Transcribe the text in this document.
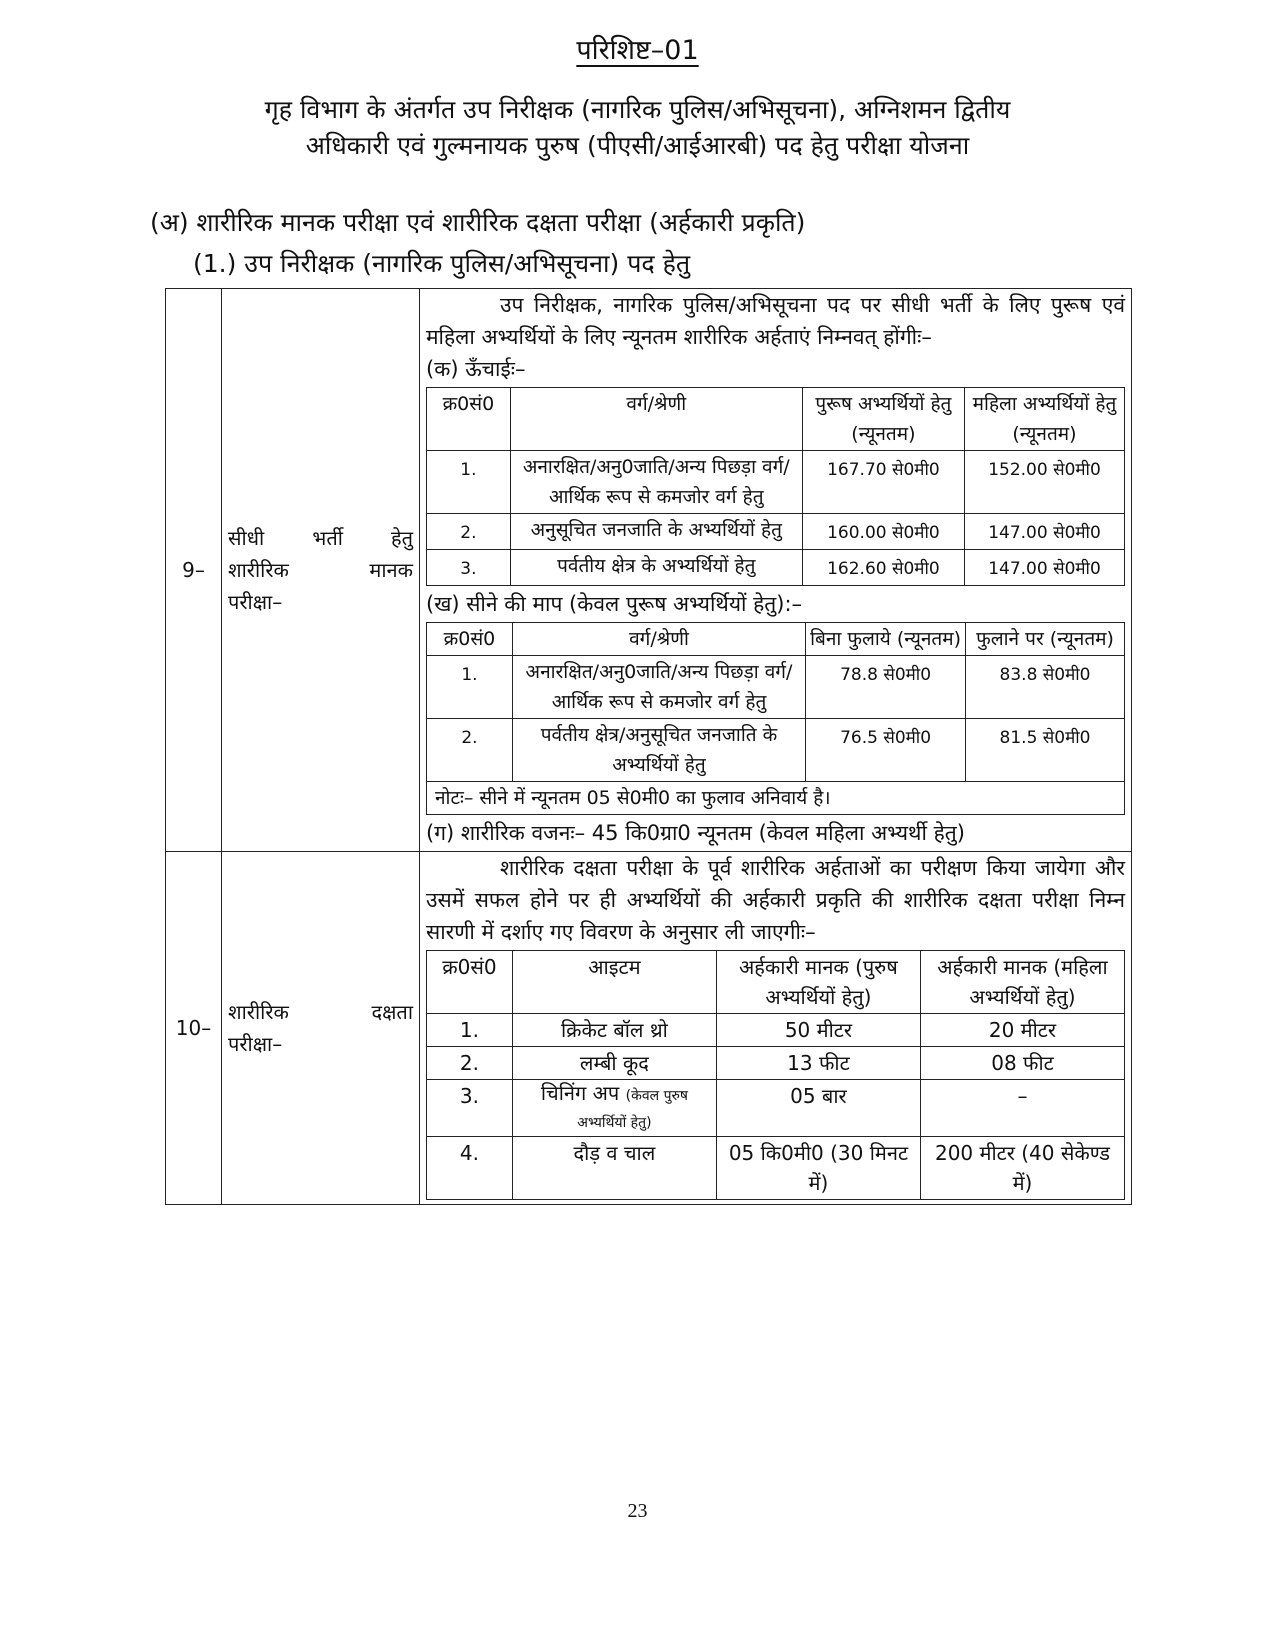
परिशिष्ट–01
गृह विभाग के अंतर्गत उप निरीक्षक (नागरिक पुलिस/अभिसूचना), अग्निशमन द्वितीय
अधिकारी एवं गुल्मनायक पुरुष (पीएसी/आईआरबी) पद हेतु परीक्षा योजना
(अ) शारीरिक मानक परीक्षा एवं शारीरिक दक्षता परीक्षा (अर्हकारी प्रकृति)
(1.) उप निरीक्षक (नागरिक पुलिस/अभिसूचना) पद हेतु
9–	
सीधी भर्ती हेतु
शारीरिक	मानक
परीक्षा–	
उप निरीक्षक, नागरिक पुलिस/अभिसूचना पद पर सीधी भर्ती के लिए पुरूष एवं महिला अभ्यर्थियों के लिए न्यूनतम शारीरिक अर्हताएं निम्नवत् होंगीः–
(क) ऊँचाईः–
क्र0सं0	वर्ग/श्रेणी	पुरूष अभ्यर्थियों हेतु (न्यूनतम)	महिला अभ्यर्थियों हेतु (न्यूनतम)
1.	अनारक्षित/अनु0जाति/अन्य पिछड़ा वर्ग/आर्थिक रूप से कमजोर वर्ग हेतु	167.70 से0मी0	152.00 से0मी0
2.	अनुसूचित जनजाति के अभ्यर्थियों हेतु	160.00 से0मी0	147.00 से0मी0
3.	पर्वतीय क्षेत्र के अभ्यर्थियों हेतु	162.60 से0मी0	147.00 से0मी0
(ख) सीने की माप (केवल पुरूष अभ्यर्थियों हेतु):–
क्र0सं0	वर्ग/श्रेणी	बिना फुलाये (न्यूनतम)	फुलाने पर (न्यूनतम)
1.	अनारक्षित/अनु0जाति/अन्य पिछड़ा वर्ग/आर्थिक रूप से कमजोर वर्ग हेतु	78.8 से0मी0	83.8 से0मी0
2.	पर्वतीय क्षेत्र/अनुसूचित जनजाति के अभ्यर्थियों हेतु	76.5 से0मी0	81.5 से0मी0
नोटः– सीने में न्यूनतम 05 से0मी0 का फुलाव अनिवार्य है।
(ग) शारीरिक वजनः– 45 कि0ग्रा0 न्यूनतम (केवल महिला अभ्यर्थी हेतु)

10–	
शारीरिक	दक्षता
परीक्षा–	
शारीरिक दक्षता परीक्षा के पूर्व शारीरिक अर्हताओं का परीक्षण किया जायेगा और उसमें सफल होने पर ही अभ्यर्थियों की अर्हकारी प्रकृति की शारीरिक दक्षता परीक्षा निम्न सारणी में दर्शाए गए विवरण के अनुसार ली जाएगीः–
क्र0सं0	आइटम	अर्हकारी मानक (पुरुष अभ्यर्थियों हेतु)	अर्हकारी मानक (महिला अभ्यर्थियों हेतु)
1.	क्रिकेट बॉल थ्रो	50 मीटर	20 मीटर
2.	लम्बी कूद	13 फीट	08 फीट
3.	चिनिंग अप (केवल पुरुष अभ्यर्थियों हेतु)	05 बार	–
4.	दौड़ व चाल	05 कि0मी0 (30 मिनट में)	200 मीटर (40 सेकेण्ड में)
23
